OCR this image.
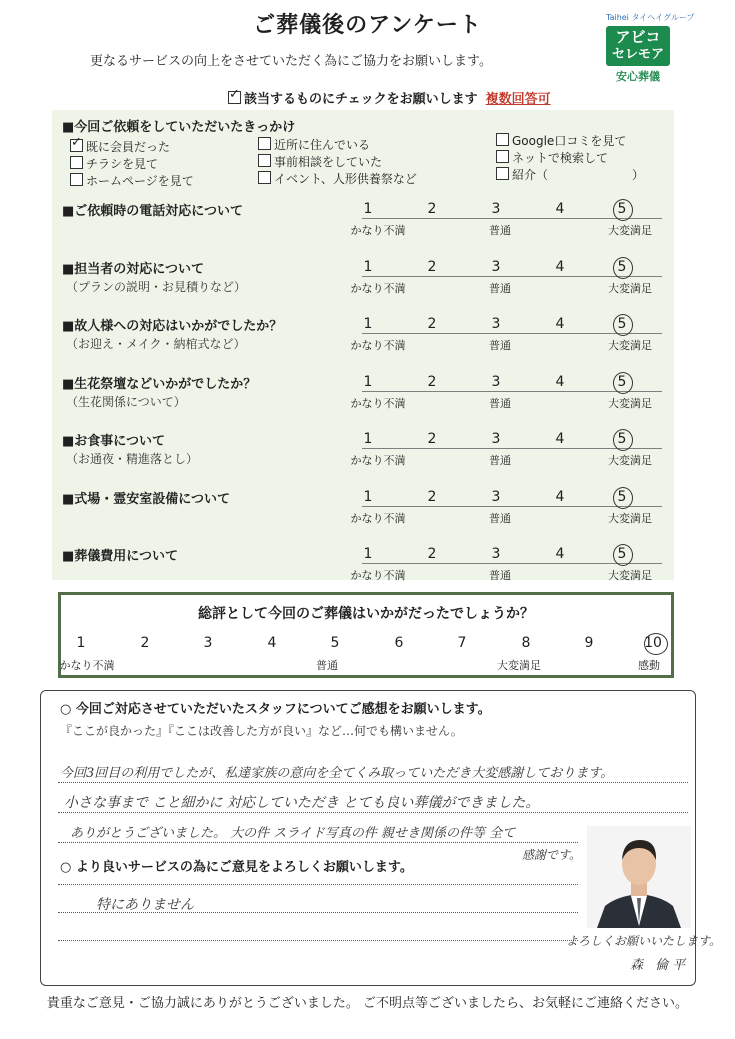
ご葬儀後のアンケート
更なるサービスの向上をさせていただく為にご協力をお願いします。
✓該当するものにチェックをお願いします 複数回答可
Taihei タイヘイグループ
アビコ
セレモア
安心葬儀
■今回ご依頼をしていただいたきっかけ
✓既に会員だった
チラシを見て
ホームページを見て
近所に住んでいる
事前相談をしていた
イベント、人形供養祭など
Google口コミを見て
ネットで検索して
紹介（	）
■ご依頼時の電話対応について	1	2	3	4	5
かなり不満	普通	大変満足
■担当者の対応について
（プランの説明・お見積りなど）
1	2	3	4	5
かなり不満	普通	大変満足
■故人様への対応はいかがでしたか？
（お迎え・メイク・納棺式など）
1	2	3	4	5
かなり不満	普通	大変満足
■生花祭壇などいかがでしたか？
（生花関係について）
1	2	3	4	5
かなり不満	普通	大変満足
■お食事について
（お通夜・精進落とし）
1	2	3	4	5
かなり不満	普通	大変満足
■式場・霊安室設備について	1	2	3	4	5
かなり不満	普通	大変満足
■葬儀費用について	1	2	3	4	5
かなり不満	普通	大変満足
総評として今回のご葬儀はいかがだったでしょうか？
1	2	3	4	5	6	7	8	9	10
かなり不満	普通	大変満足	感動
○ 今回ご対応させていただいたスタッフについてご感想をお願いします。
『ここが良かった』『ここは改善した方が良い』など…何でも構いません。
今回3回目の利用でしたが、私達家族の意向を全てくみ取っていただき大変感謝しております。
小さな事まで こと細かに 対応していただき とても良い葬儀ができました。
ありがとうございました。 大の件 スライド写真の件 親せき関係の件等 全て
感謝です。
○ より良いサービスの為にご意見をよろしくお願いします。
特にありません
よろしくお願いいたします。
森 倫平
貴重なご意見・ご協力誠にありがとうございました。 ご不明点等ございましたら、お気軽にご連絡ください。
